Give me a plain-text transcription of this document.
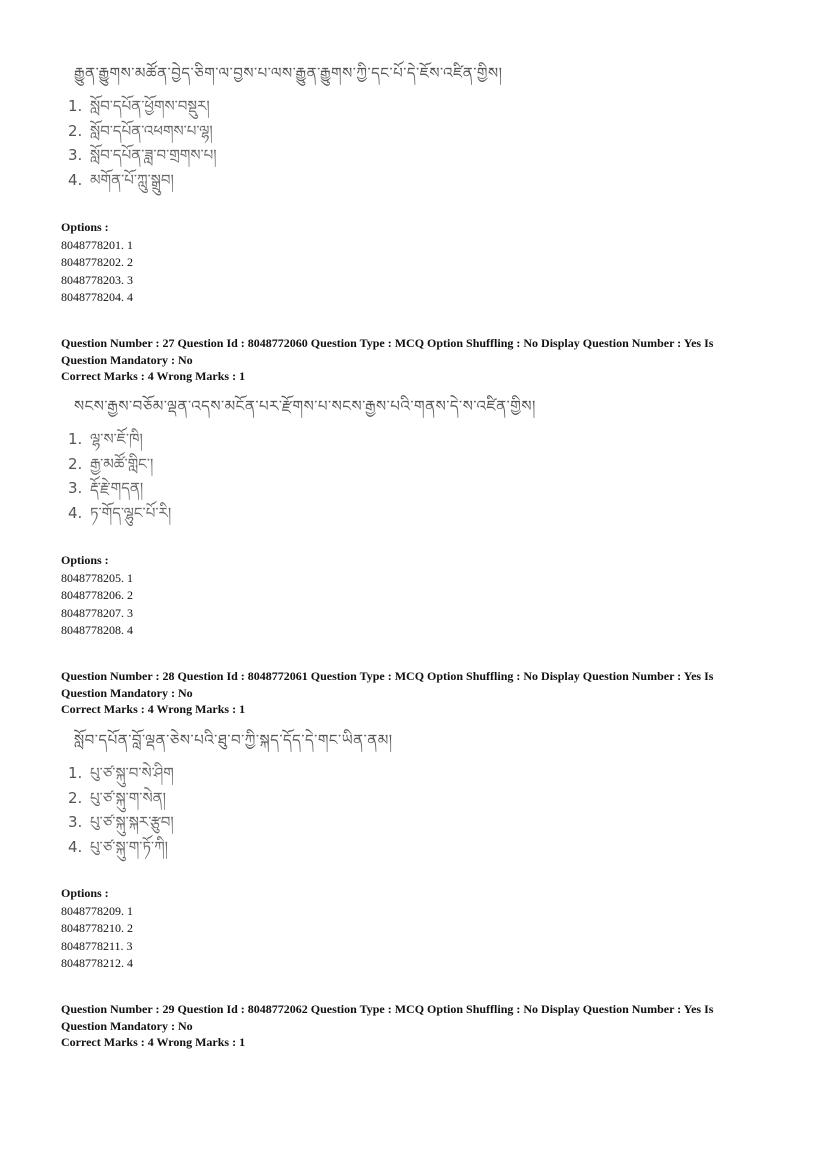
རྒྱུན་རྒྱུགས་མཚོན་བྱེད་ཅིག་ལ་བྱས་པ་ལས་རྒྱུན་རྒྱུགས་ཀྱི་དང་པོ་དེ་ཇོས་འཛིན་གྱིས།
1. སློབ་དཔོན་ཕྱོགས་བསྡུར།
2. སློབ་དཔོན་འཕགས་པ་ལྷ།
3. སློབ་དཔོན་ཟླ་བ་གྲགས་པ།
4. མགོན་པོ་ཀླུ་སྒྲུབ།
Options :
8048778201. 1
8048778202. 2
8048778203. 3
8048778204. 4
Question Number : 27 Question Id : 8048772060 Question Type : MCQ Option Shuffling : No Display Question Number : Yes Is Question Mandatory : No
Correct Marks : 4 Wrong Marks : 1
སངས་རྒྱས་བཅོམ་ལྡན་འདས་མངོན་པར་རྫོགས་པ་སངས་རྒྱས་པའི་གནས་དེ་ས་འཛིན་གྱིས།
1. ལྷ་ས་ཇོ་ཁི།
2. རྒྱ་མཚོ་གླིང་།
3. རྡོ་རྗེ་གདན།
4. ཏ་གོད་ལྷུང་པོ་རི།
Options :
8048778205. 1
8048778206. 2
8048778207. 3
8048778208. 4
Question Number : 28 Question Id : 8048772061 Question Type : MCQ Option Shuffling : No Display Question Number : Yes Is Question Mandatory : No
Correct Marks : 4 Wrong Marks : 1
སློབ་དཔོན་བློ་ལྡན་ཅེས་པའི་ཐུ་བ་ཀྱི་སྐད་དོད་དེ་གང་ཡིན་ནམ།
1. པུ་ཙ་སྐུ་བ་སེ་ཤིག
2. པུ་ཙ་སྐུ་ག་སེན།
3. པུ་ཙ་སྐུ་སྐར་རྩུབ།
4. པུ་ཙ་སྐུ་ག་ཏོ་ཀི།
Options :
8048778209. 1
8048778210. 2
8048778211. 3
8048778212. 4
Question Number : 29 Question Id : 8048772062 Question Type : MCQ Option Shuffling : No Display Question Number : Yes Is Question Mandatory : No
Correct Marks : 4 Wrong Marks : 1
